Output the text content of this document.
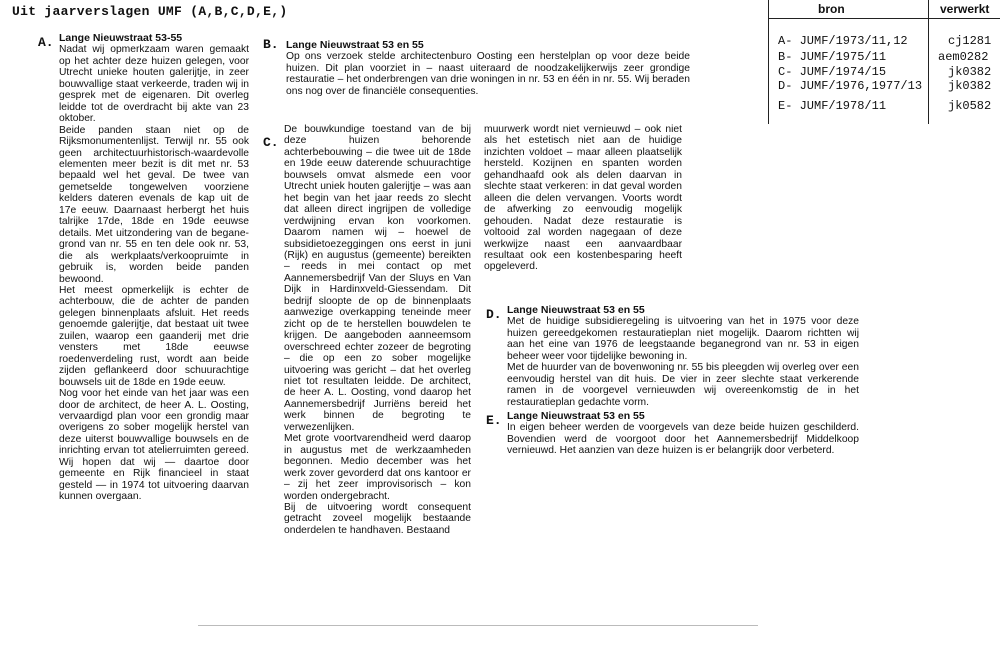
Uit jaarverslagen UMF (A,B,C,D,E,)	bron	verwerkt
A- JUMF/1973/11,12	cj1281
B- JUMF/1975/11	aem0282
C- JUMF/1974/15	jk0382
D- JUMF/1976,1977/13 jk0382
E- JUMF/1978/11	jk0582
A. Lange Nieuwstraat 53-55

Nadat wij opmerkzaam waren gemaakt op het achter deze huizen gelegen, voor Utrecht unieke houten galerijtje, in zeer bouwvallige staat verkeerde, traden wij in gesprek met de eigenaren. Dit overleg leidde tot de overdracht bij akte van 23 oktober.

Beide panden staan niet op de Rijksmonumentenlijst. Terwijl nr. 55 ook geen architectuurhistorisch-waardevolle elementen meer bezit is dit met nr. 53 bepaald wel het geval. De twee van gemetselde tongewelven voorziene kelders dateren evenals de kap uit de 17e eeuw. Daarnaast herbergt het huis talrijke 17de, 18de en 19de eeuwse details. Met uitzondering van de begane-grond van nr. 55 en ten dele ook nr. 53, die als werkplaats/verkoopruimte in gebruik is, worden beide panden bewoond.

Het meest opmerkelijk is echter de achterbouw, die de achter de panden gelegen binnenplaats afsluit. Het reeds genoemde galerijtje, dat bestaat uit twee zuilen, waarop een gaanderij met drie vensters met 18de eeuwse roedenverdeling rust, wordt aan beide zijden geflankeerd door schuurachtige bouwsels uit de 18de en 19de eeuw.

Nog voor het einde van het jaar was een door de architect, de heer A. L. Oosting, vervaardigd plan voor een grondig maar overigens zo sober mogelijk herstel van deze uiterst bouwvallige bouwsels en de inrichting ervan tot atelierruimten gereed. Wij hopen dat wij — daartoe door gemeente en Rijk financieel in staat gesteld — in 1974 tot uitvoering daarvan kunnen overgaan.

B. Lange Nieuwstraat 53 en 55

Op ons verzoek stelde architectenburo Oosting een herstelplan op voor deze beide huizen. Dit plan voorziet in – naast uiteraard de noodzakelijkerwijs zeer grondige restauratie – het onderbrengen van drie woningen in nr. 53 en één in nr. 55. Wij beraden ons nog over de financiële consequenties.

C.

De bouwkundige toestand van de bij deze huizen behorende achterbebouwing – die twee uit de 18de en 19de eeuw daterende schuurachtige bouwsels omvat alsmede een voor Utrecht uniek houten galerijtje – was aan het begin van het jaar reeds zo slecht dat alleen direct ingrijpen de volledige verdwijning ervan kon voorkomen. Daarom namen wij – hoewel de subsidietoezeggingen ons eerst in juni (Rijk) en augustus (gemeente) bereikten – reeds in mei contact op met Aannemersbedrijf Van der Sluys en Van Dijk in Hardinxveld-Giessendam. Dit bedrijf sloopte de op de binnenplaats aanwezige overkapping teneinde meer zicht op de te herstellen bouwdelen te krijgen. De aangeboden aanneemsom overschreed echter zozeer de begroting – die op een zo sober mogelijke uitvoering was gericht – dat het overleg niet tot resultaten leidde. De architect, de heer A. L. Oosting, vond daarop het Aannemersbedrijf Jurriëns bereid het werk binnen de begroting te verwezenlijken.

Met grote voortvarendheid werd daarop in augustus met de werkzaamheden begonnen. Medio december was het werk zover gevorderd dat ons kantoor er – zij het zeer improvisorisch – kon worden ondergebracht.

Bij de uitvoering wordt consequent getracht zoveel mogelijk bestaande onderdelen te handhaven. Bestaand

muurwerk wordt niet vernieuwd – ook niet als het estetisch niet aan de huidige inzichten voldoet – maar alleen plaatselijk hersteld. Kozijnen en spanten worden gehandhaafd ook als delen daarvan in slechte staat verkeren: in dat geval worden alleen die delen vervangen. Voorts wordt de afwerking zo eenvoudig mogelijk gehouden. Nadat deze restauratie is voltooid zal worden nagegaan of deze werkwijze naast een aanvaardbaar resultaat ook een kostenbesparing heeft opgeleverd.

D. Lange Nieuwstraat 53 en 55

Met de huidige subsidieregeling is uitvoering van het in 1975 voor deze huizen gereedgekomen restauratieplan niet mogelijk. Daarom richtten wij aan het eine van 1976 de leegstaande beganegrond van nr. 53 in eigen beheer weer voor tijdelijke bewoning in.

Met de huurder van de bovenwoning nr. 55 bis pleegden wij overleg over een eenvoudig herstel van dit huis. De vier in zeer slechte staat verkerende ramen in de voorgevel vernieuwden wij overeenkomstig de in het restauratieplan gedachte vorm.

E. Lange Nieuwstraat 53 en 55

In eigen beheer werden de voorgevels van deze beide huizen geschilderd. Bovendien werd de voorgoot door het Aannemersbedrijf Middelkoop vernieuwd. Het aanzien van deze huizen is er belangrijk door verbeterd.
